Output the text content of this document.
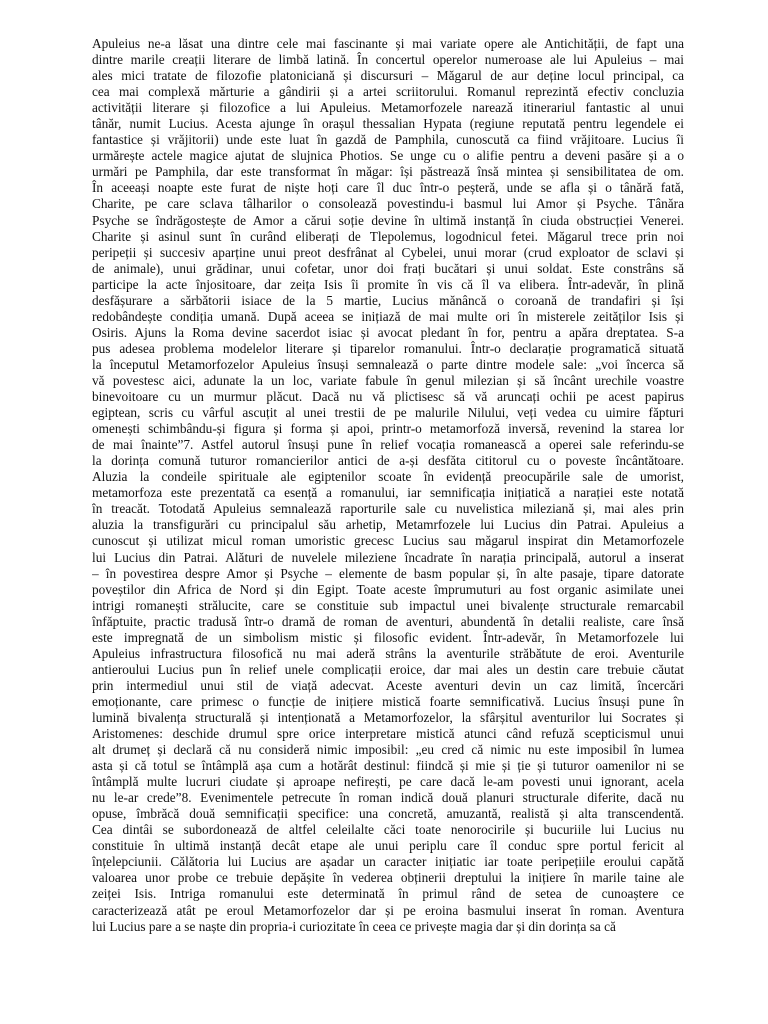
Apuleius ne-a lăsat una dintre cele mai fascinante și mai variate opere ale Antichității, de fapt una
dintre marile creații literare de limbă latină. În concertul operelor numeroase ale lui Apuleius – mai
ales mici tratate de filozofie platoniciană și discursuri – Măgarul de aur deține locul principal, ca
cea mai complexă mărturie a gândirii și a artei scriitorului. Romanul reprezintă efectiv concluzia
activității literare și filozofice a lui Apuleius. Metamorfozele nareazǎ itinerariul fantastic al unui
tânăr, numit Lucius. Acesta ajunge în orașul thessalian Hypata (regiune reputată pentru legendele ei
fantastice și vrăjitorii) unde este luat în gazdă de Pamphila, cunoscută ca fiind vrăjitoare. Lucius îi
urmărește actele magice ajutat de slujnica Photios. Se unge cu o alifie pentru a deveni pasăre și a o
urmări pe Pamphila, dar este transformat în măgar: își păstrează însă mintea și sensibilitatea de om.
În aceeași noapte este furat de niște hoți care îl duc într-o peșteră, unde se afla și o tânără fată,
Charite, pe care sclava tâlharilor o consolează povestindu-i basmul lui Amor și Psyche. Tânăra
Psyche se îndrăgostește de Amor a cărui soție devine în ultimă instanță în ciuda obstrucției Venerei.
Charite și asinul sunt în curând eliberați de Tlepolemus, logodnicul fetei. Măgarul trece prin noi
peripeții și succesiv aparține unui preot desfrânat al Cybelei, unui morar (crud exploator de sclavi și
de animale), unui grădinar, unui cofetar, unor doi frați bucătari și unui soldat. Este constrâns să
participe la acte înjositoare, dar zeița Isis îi promite în vis că îl va elibera. Într-adevăr, în plină
desfășurare a sărbătorii isiace de la 5 martie, Lucius mănâncă o coroană de trandafiri și își
redobândește condiția umană. După aceea se inițiază de mai multe ori în misterele zeităților Isis și
Osiris. Ajuns la Roma devine sacerdot isiac și avocat pledant în for, pentru a apăra dreptatea. S-a
pus adesea problema modelelor literare și tiparelor romanului. Într-o declarație programatică situată
la începutul Metamorfozelor Apuleius însuși semnalează o parte dintre modele sale: „voi încerca să
vă povestesc aici, adunate la un loc, variate fabule în genul milezian și să încânt urechile voastre
binevoitoare cu un murmur plăcut. Dacă nu vă plictisesc să vă aruncați ochii pe acest papirus
egiptean, scris cu vârful ascuțit al unei trestii de pe malurile Nilului, veți vedea cu uimire făpturi
omenești schimbându-și figura și forma și apoi, printr-o metamorfoză inversă, revenind la starea lor
de mai înainte”7. Astfel autorul însuși pune în relief vocația romanească a operei sale referindu-se
la dorința comună tuturor romancierilor antici de a-și desfăta cititorul cu o poveste încântătoare.
Aluzia la condeile spirituale ale egiptenilor scoate în evidență preocupările sale de umorist,
metamorfoza este prezentată ca esență a romanului, iar semnificația inițiatică a narației este notată
în treacăt. Totodată Apuleius semnalează raporturile sale cu nuvelistica mileziană și, mai ales prin
aluzia la transfigurări cu principalul său arhetip, Metamrfozele lui Lucius din Patrai. Apuleius a
cunoscut și utilizat micul roman umoristic grecesc Lucius sau măgarul inspirat din Metamorfozele
lui Lucius din Patrai. Alături de nuvelele mileziene încadrate în narația principală, autorul a inserat
– în povestirea despre Amor și Psyche – elemente de basm popular și, în alte pasaje, tipare datorate
poveștilor din Africa de Nord și din Egipt. Toate aceste împrumuturi au fost organic asimilate unei
intrigi romanești strălucite, care se constituie sub impactul unei bivalențe structurale remarcabil
înfăptuite, practic tradusă într-o dramă de roman de aventuri, abundentă în detalii realiste, care însă
este impregnată de un simbolism mistic și filosofic evident. Într-adevăr, în Metamorfozele lui
Apuleius infrastructura filosofică nu mai aderă strâns la aventurile străbătute de eroi. Aventurile
antieroului Lucius pun în relief unele complicații eroice, dar mai ales un destin care trebuie căutat
prin intermediul unui stil de viață adecvat. Aceste aventuri devin un caz limită, încercări
emoționante, care primesc o funcție de inițiere mistică foarte semnificativă. Lucius însuși pune în
lumină bivalența structurală și intenționată a Metamorfozelor, la sfârșitul aventurilor lui Socrates și
Aristomenes: deschide drumul spre orice interpretare mistică atunci când refuză scepticismul unui
alt drumeț și declară că nu consideră nimic imposibil: „eu cred că nimic nu este imposibil în lumea
asta și că totul se întâmplă așa cum a hotărât destinul: fiindcă și mie și ție și tuturor oamenilor ni se
întâmplă multe lucruri ciudate și aproape nefirești, pe care dacă le-am povesti unui ignorant, acela
nu le-ar crede”8. Evenimentele petrecute în roman indică două planuri structurale diferite, dacă nu
opuse, îmbrăcă două semnificații specifice: una concretă, amuzantă, realistă și alta transcendentă.
Cea dintâi se subordonează de altfel celeilalte căci toate nenorocirile și bucuriile lui Lucius nu
constituie în ultimă instanță decât etape ale unui periplu care îl conduc spre portul fericit al
înțelepciunii. Călătoria lui Lucius are așadar un caracter inițiatic iar toate peripețiile eroului capătă
valoarea unor probe ce trebuie depășite în vederea obținerii dreptului la inițiere în marile taine ale
zeiței Isis. Intriga romanului este determinată în primul rând de setea de cunoaștere ce
caracterizează atât pe eroul Metamorfozelor dar și pe eroina basmului inserat în roman. Aventura
lui Lucius pare a se naște din propria-i curiozitate în ceea ce privește magia dar și din dorința sa că
